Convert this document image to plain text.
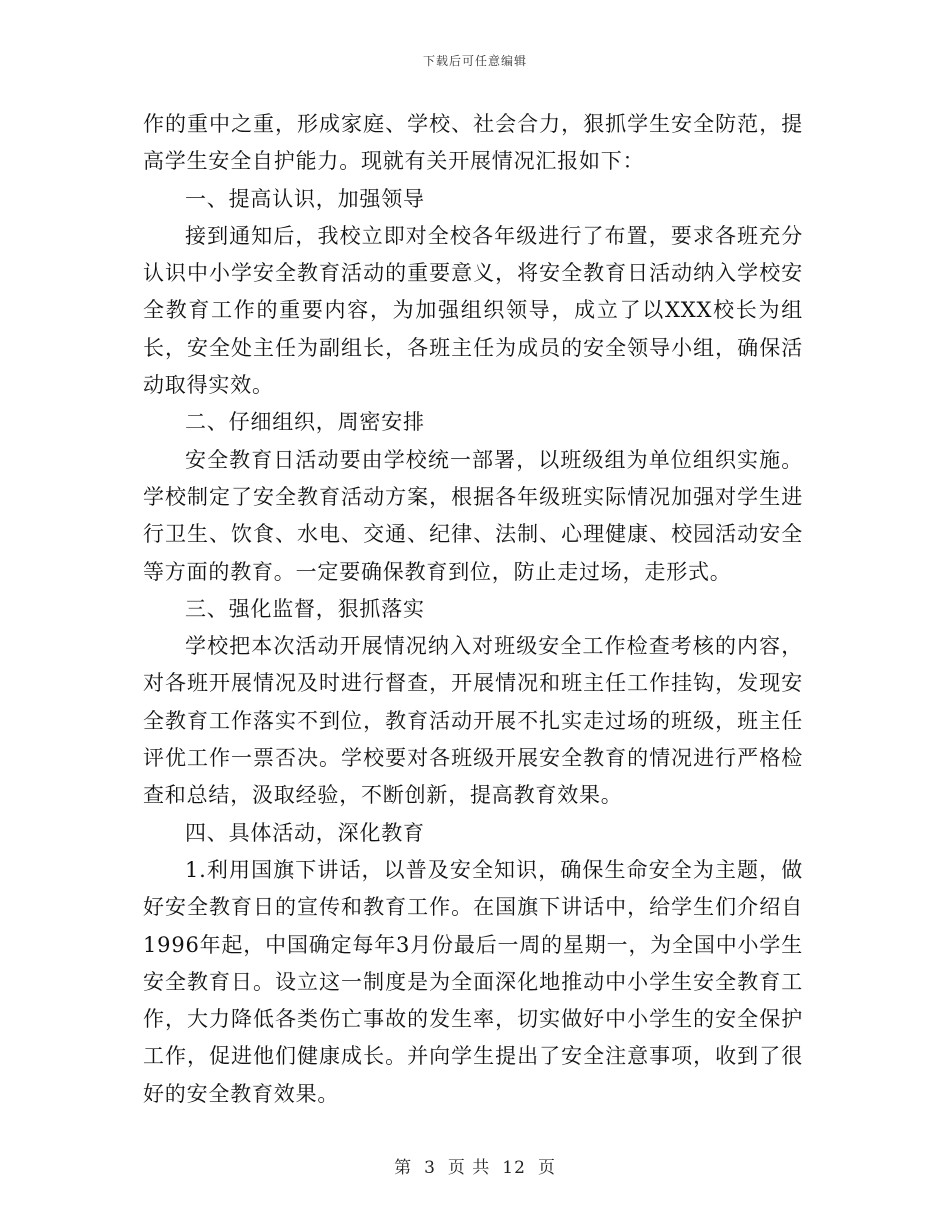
下载后可任意编辑

作的重中之重，形成家庭、学校、社会合力，狠抓学生安全防范，提高学生安全自护能力。现就有关开展情况汇报如下：

一、提高认识，加强领导

接到通知后，我校立即对全校各年级进行了布置，要求各班充分认识中小学安全教育活动的重要意义，将安全教育日活动纳入学校安全教育工作的重要内容，为加强组织领导，成立了以XXX校长为组长，安全处主任为副组长，各班主任为成员的安全领导小组，确保活动取得实效。

二、仔细组织，周密安排

安全教育日活动要由学校统一部署，以班级组为单位组织实施。学校制定了安全教育活动方案，根据各年级班实际情况加强对学生进行卫生、饮食、水电、交通、纪律、法制、心理健康、校园活动安全等方面的教育。一定要确保教育到位，防止走过场，走形式。

三、强化监督，狠抓落实

学校把本次活动开展情况纳入对班级安全工作检查考核的内容，对各班开展情况及时进行督查，开展情况和班主任工作挂钩，发现安全教育工作落实不到位，教育活动开展不扎实走过场的班级，班主任评优工作一票否决。学校要对各班级开展安全教育的情况进行严格检查和总结，汲取经验，不断创新，提高教育效果。

四、具体活动，深化教育

1.利用国旗下讲话，以普及安全知识，确保生命安全为主题，做好安全教育日的宣传和教育工作。在国旗下讲话中，给学生们介绍自1996年起，中国确定每年3月份最后一周的星期一，为全国中小学生安全教育日。设立这一制度是为全面深化地推动中小学生安全教育工作，大力降低各类伤亡事故的发生率，切实做好中小学生的安全保护工作，促进他们健康成长。并向学生提出了安全注意事项，收到了很好的安全教育效果。

第 3 页 共 12 页
